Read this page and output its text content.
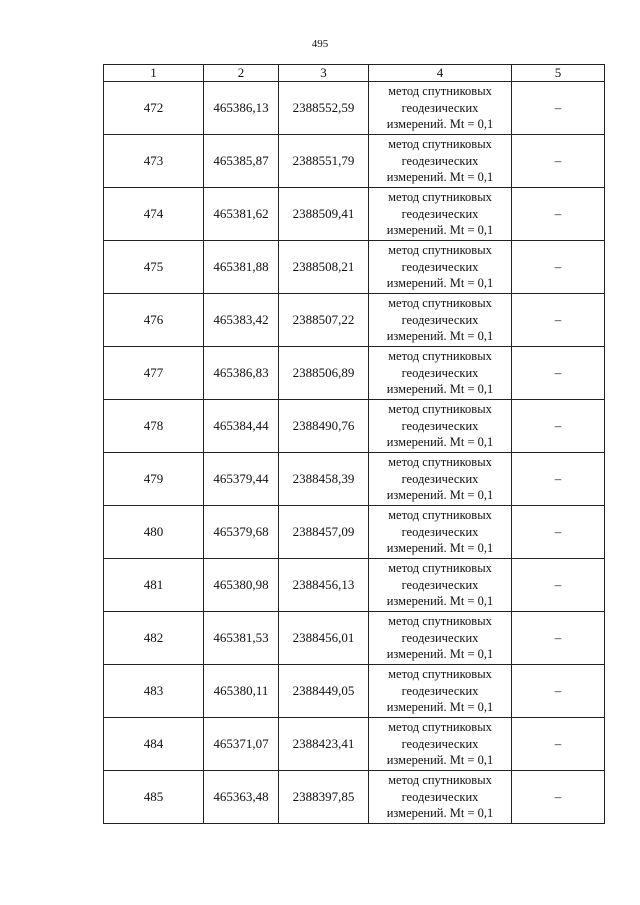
495
1	2	3	4	5
472	465386,13	2388552,59	метод спутниковых
геодезических
измерений. Mt = 0,1	–
473	465385,87	2388551,79	метод спутниковых
геодезических
измерений. Mt = 0,1	–
474	465381,62	2388509,41	метод спутниковых
геодезических
измерений. Mt = 0,1	–
475	465381,88	2388508,21	метод спутниковых
геодезических
измерений. Mt = 0,1	–
476	465383,42	2388507,22	метод спутниковых
геодезических
измерений. Mt = 0,1	–
477	465386,83	2388506,89	метод спутниковых
геодезических
измерений. Mt = 0,1	–
478	465384,44	2388490,76	метод спутниковых
геодезических
измерений. Mt = 0,1	–
479	465379,44	2388458,39	метод спутниковых
геодезических
измерений. Mt = 0,1	–
480	465379,68	2388457,09	метод спутниковых
геодезических
измерений. Mt = 0,1	–
481	465380,98	2388456,13	метод спутниковых
геодезических
измерений. Mt = 0,1	–
482	465381,53	2388456,01	метод спутниковых
геодезических
измерений. Mt = 0,1	–
483	465380,11	2388449,05	метод спутниковых
геодезических
измерений. Mt = 0,1	–
484	465371,07	2388423,41	метод спутниковых
геодезических
измерений. Mt = 0,1	–
485	465363,48	2388397,85	метод спутниковых
геодезических
измерений. Mt = 0,1	–
